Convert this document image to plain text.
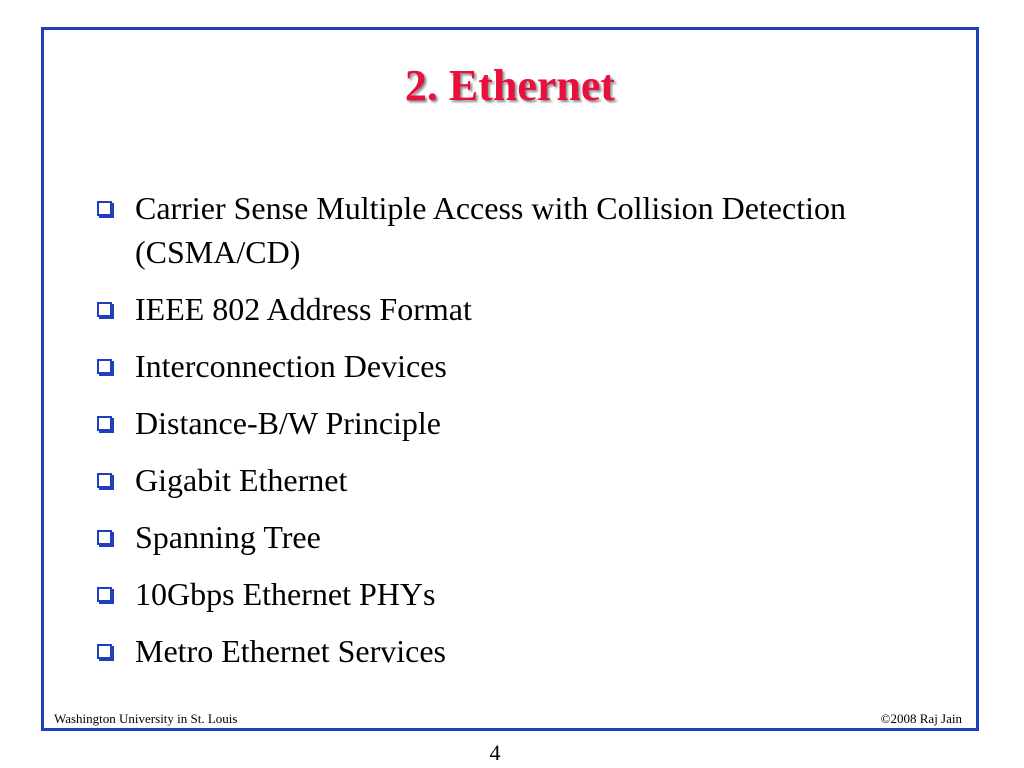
2. Ethernet
Carrier Sense Multiple Access with Collision Detection (CSMA/CD)
IEEE 802 Address Format
Interconnection Devices
Distance-B/W Principle
Gigabit Ethernet
Spanning Tree
10Gbps Ethernet PHYs
Metro Ethernet Services
Washington University in St. Louis	©2008 Raj Jain
4
